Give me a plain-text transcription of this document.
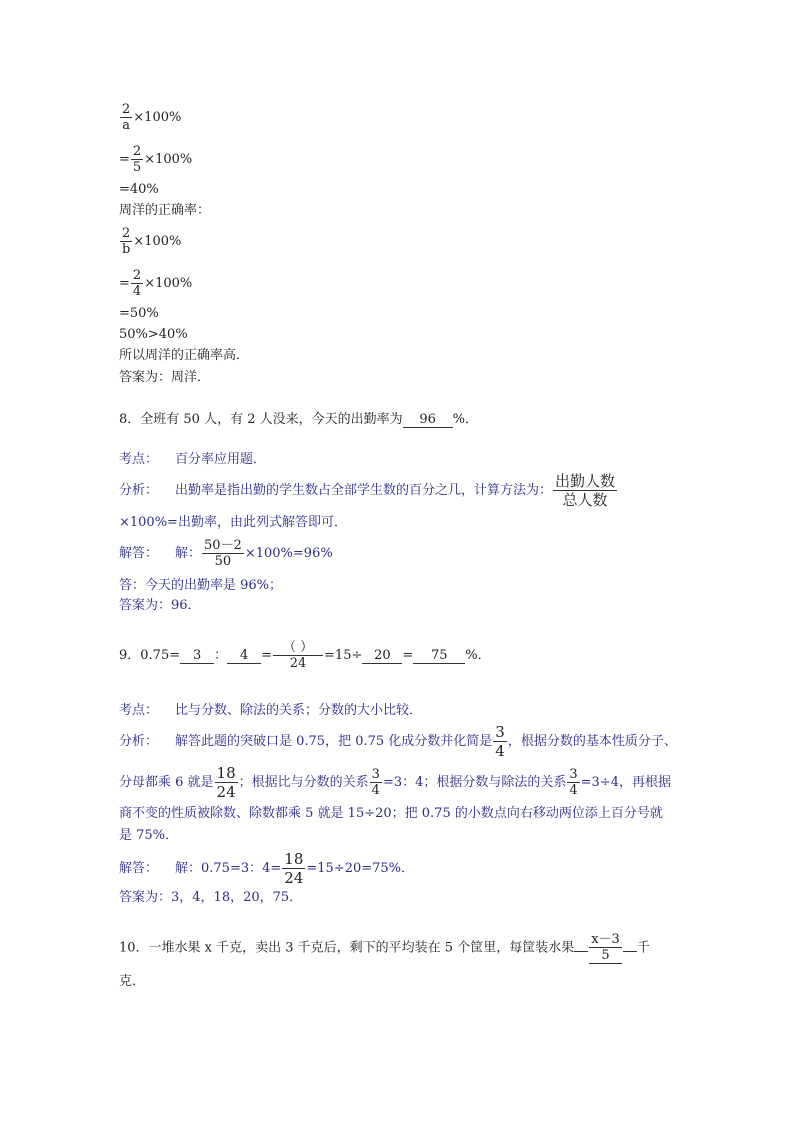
$\frac{2}{a} \times 100\%$
= $\frac{2}{5} \times 100\%$
=40%
周洋的正确率：
$\frac{2}{b} \times 100\%$
= $\frac{2}{4} \times 100\%$
=50%
50%>40%
所以周洋的正确率高．
答案为：周洋．
8．全班有 50 人，有 2 人没来，今天的出勤率为 96 %．
考点： 百分率应用题．
分析： 出勤率是指出勤的学生数占全部学生数的百分之几，计算方法为： $\frac{\text{出勤人数}}{\text{总人数}}$
×100%=出勤率，由此列式解答即可．
解答： 解： $\frac{50-2}{50} \times 100\%=96\%$
答：今天的出勤率是 96%；
答案为：96．
9．0.75= 3 ： $4 = \frac{( )}{24} =15\div 20 = 75$ %．
考点： 比与分数、除法的关系；分数的大小比较．
分析： 解答此题的突破口是 0.75，把 0.75 化成分数并化简是 $\frac{3}{4}$ ，根据分数的基本性质分子、
分母都乘 6 就是 $\frac{18}{24}$ ；根据比与分数的关系 $\frac{3}{4} =3$：4；根据分数与除法的关系 $\frac{3}{4} =3\div 4$，再根据
商不变的性质被除数、除数都乘 5 就是 15÷20；把 0.75 的小数点向右移动两位添上百分号就
是 75%．
解答： 解：0.75=3：$4= \frac{18}{24} =15\div 20=75\%$．
答案为：3，4，18，20，75．
10．一堆水果 x 千克，卖出 3 千克后，剩下的平均装在 5 个筐里，每筐装水果 $\frac{x-3}{5}$ 千
克．
